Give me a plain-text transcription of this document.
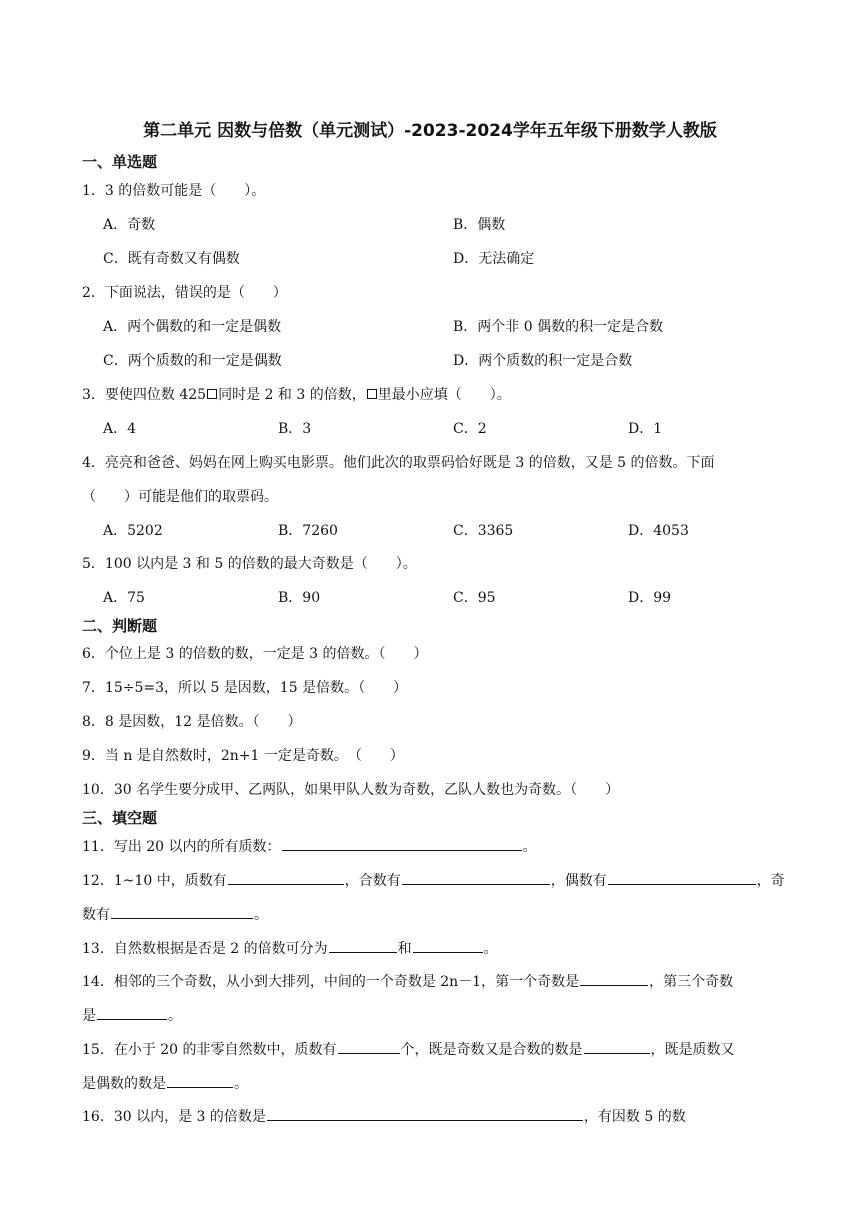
第二单元 因数与倍数（单元测试）-2023-2024学年五年级下册数学人教版
一、单选题
1．3 的倍数可能是（　　）。
A．奇数	B．偶数
C．既有奇数又有偶数	D．无法确定
2．下面说法，错误的是（　　）
A．两个偶数的和一定是偶数	B．两个非 0 偶数的积一定是合数
C．两个质数的和一定是偶数	D．两个质数的积一定是合数
3．要使四位数 425 同时是 2 和 3 的倍数， 里最小应填（　　）。
A．4	B．3	C．2	D．1
4．亮亮和爸爸、妈妈在网上购买电影票。他们此次的取票码恰好既是 3 的倍数，又是 5 的倍数。下面
（　　）可能是他们的取票码。
A．5202	B．7260	C．3365	D．4053
5．100 以内是 3 和 5 的倍数的最大奇数是（　　）。
A．75	B．90	C．95	D．99
二、判断题
6．个位上是 3 的倍数的数，一定是 3 的倍数。（　　）
7．15÷5=3，所以 5 是因数，15 是倍数。（　　）
8．8 是因数，12 是倍数。（　　）
9．当 n 是自然数时，2n+1 一定是奇数。　（　　）
10．30 名学生要分成甲、乙两队，如果甲队人数为奇数，乙队人数也为奇数。（　　）
三、填空题
11．写出 20 以内的所有质数：	。
12．1~10 中，质数有	，合数有	，偶数有	，奇
数有	。
13．自然数根据是否是 2 的倍数可分为	和	。
14．相邻的三个奇数，从小到大排列，中间的一个奇数是 2n－1，第一个奇数是	，第三个奇数
是	。
15．在小于 20 的非零自然数中，质数有	个，既是奇数又是合数的数是	，既是质数又
是偶数的数是	。
16．30 以内，是 3 的倍数是	，有因数 5 的数
